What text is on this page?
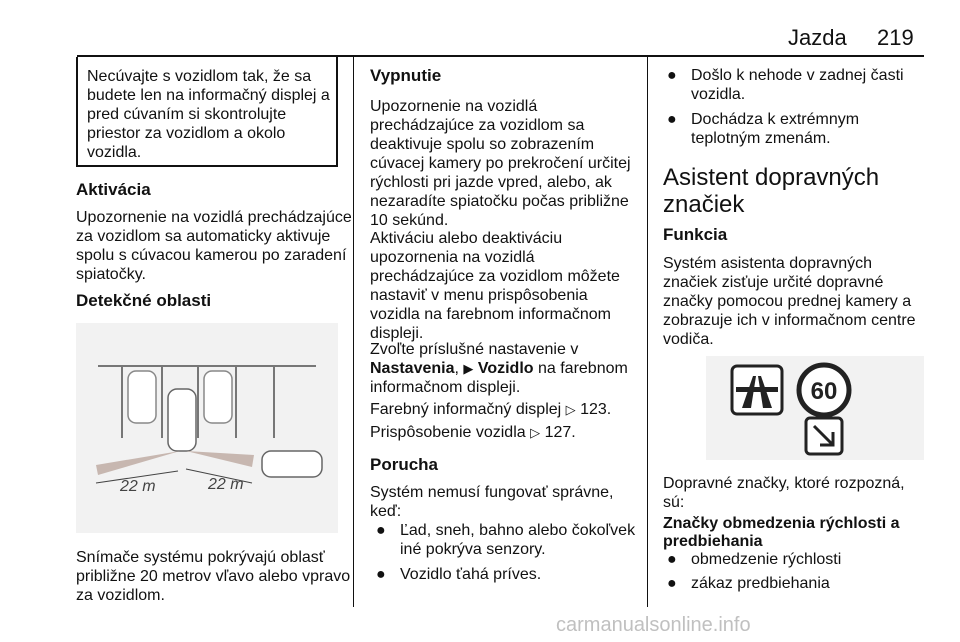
Jazda 219

Necúvajte s vozidlom tak, že sa budete len na informačný displej a pred cúvaním si skontrolujte priestor za vozidlom a okolo vozidla.

Aktivácia
Upozornenie na vozidlá prechádzajúce za vozidlom sa automaticky aktivuje spolu s cúvacou kamerou po zaradení spiatočky.
Detekčné oblasti
22 m	22 m
Snímače systému pokrývajú oblasť približne 20 metrov vľavo alebo vpravo za vozidlom.
Vypnutie
Upozornenie na vozidlá prechádzajúce za vozidlom sa deaktivuje spolu so zobrazením cúvacej kamery po prekročení určitej rýchlosti pri jazde vpred, alebo, ak nezaradíte spiatočku počas približne 10 sekúnd.
Aktiváciu alebo deaktiváciu upozornenia na vozidlá prechádzajúce za vozidlom môžete nastaviť v menu prispôsobenia vozidla na farebnom informačnom displeji.
Zvoľte príslušné nastavenie v
Nastavenia, ▶ Vozidlo na farebnom
informačnom displeji.
Farebný informačný displej ▷ 123.
Prispôsobenie vozidla ▷ 127.
Porucha
Systém nemusí fungovať správne, keď:
● Ľad, sneh, bahno alebo čokoľvek
iné pokrýva senzory.
● Vozidlo ťahá príves.
● Došlo k nehode v zadnej časti
vozidla.
● Dochádza k extrémnym
teplotným zmenám.
Asistent dopravných
značiek
Funkcia
Systém asistenta dopravných značiek zisťuje určité dopravné značky pomocou prednej kamery a zobrazuje ich v informačnom centre vodiča.
60
Dopravné značky, ktoré rozpozná, sú:
Značky obmedzenia rýchlosti a predbiehania
● obmedzenie rýchlosti
● zákaz predbiehania
carmanualsonline.info
